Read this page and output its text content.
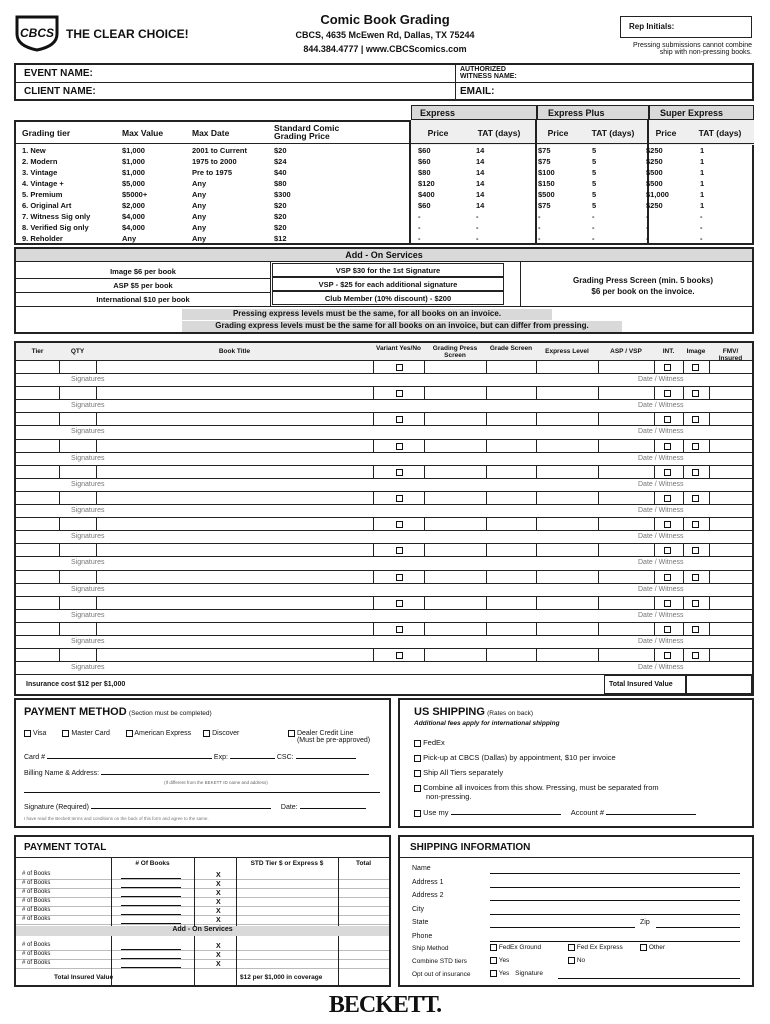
CBCS THE CLEAR CHOICE!
Comic Book Grading
CBCS, 4635 McEwen Rd, Dallas, TX 75244
844.384.4777 | www.CBCScomics.com
Rep Initials:
Pressing submissions cannot combine
ship with non-pressing books.
EVENT NAME:	AUTHORIZED
WITNESS NAME:
CLIENT NAME:	EMAIL:
Express	Express Plus	Super Express
Grading tier	Max Value	Max Date	Standard Comic Grading Price	Price	TAT (days)	Price	TAT (days)	Price	TAT (days)
1. New	$1,000	2001 to Current	$20	$60	14	$75	5	$250	1
2. Modern	$1,000	1975 to 2000	$24	$60	14	$75	5	$250	1
3. Vintage	$1,000	Pre to 1975	$40	$80	14	$100	5	$500	1
4. Vintage +	$5,000	Any	$80	$120	14	$150	5	$500	1
5. Premium	$5000+	Any	$300	$400	14	$500	5	$1,000	1
6. Original Art	$2,000	Any	$20	$60	14	$75	5	$250	1
7. Witness Sig only	$4,000	Any	$20	-	-	-	-	-	-
8. Verified Sig only	$4,000	Any	$20	-	-	-	-	-	-
9. Reholder	Any	Any	$12	-	-	-	-	-	-
Add - On Services
Image $6 per book
ASP $5 per book
International $10 per book
VSP $30 for the 1st Signature
VSP - $25 for each additional signature
Club Member (10% discount) - $200
Grading Press Screen (min. 5 books)
$6 per book on the invoice.
Pressing express levels must be the same, for all books on an invoice.
Grading express levels must be the same for all books on an invoice, but can differ from pressing.
Tier	QTY	Book Title	Variant Yes/No	Grading Press Screen
Grade Screen	Express Level	ASP / VSP	INT.	Image	FMV/ Insured
Signatures	Date / Witness
Signatures	Date / Witness
Signatures	Date / Witness
Signatures	Date / Witness
Signatures	Date / Witness
Signatures	Date / Witness
Signatures	Date / Witness
Signatures	Date / Witness
Signatures	Date / Witness
Signatures	Date / Witness
Signatures	Date / Witness
Signatures	Date / Witness
Insurance cost $12 per $1,000	Total Insured Value
PAYMENT METHOD (Section must be completed)
Visa	Master Card	American Express	Discover	Dealer Credit Line
(Must be pre-approved)
Card #	Exp:	CSC:
Billing Name & Address:
(If different from the BEKETT ID name and address)
Signature (Required)	Date:
I have read the Beckett terms and conditions on the back of this form and agree to the same.
US SHIPPING (Rates on back)
Additional fees apply for international shipping
FedEx
Pick-up at CBCS (Dallas) by appointment, $10 per invoice
Ship All Tiers separately
Combine all invoices from this show. Pressing, must be separated from
non-pressing.
Use my	Account #
PAYMENT TOTAL
# Of Books	STD Tier $ or Express $	Total
# of Books	X
# of Books	X
# of Books	X
# of Books	X
# of Books	X
# of Books	X
# of Books	X
# of Books	X
# of Books	X
Add - On Services
Total Insured Value	$12 per $1,000 in coverage
SHIPPING INFORMATION
Name
Address 1
Address 2
City
State
Phone
Zip
Ship Method	FedEx Ground	Fed Ex Express	Other
Combine STD tiers	Yes	No
Opt out of insurance	Yes Signature
BECKETT.
